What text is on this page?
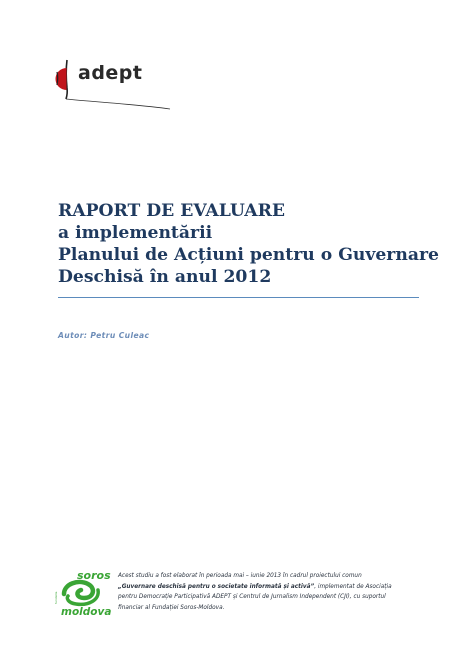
adept
RAPORT DE EVALUARE
a implementării
Planului de Acțiuni pentru o Guvernare
Deschisă în anul 2012
Autor: Petru Culeac
fundatia
soros
moldova

Acest studiu a fost elaborat în perioada mai – iunie 2013 în cadrul proiectului comun
„Guvernare deschisă pentru o societate informată și activă”, implementat de Asociația
pentru Democrație Participativă ADEPT și Centrul de Jurnalism Independent (CJI), cu suportul
financiar al Fundației Soros-Moldova.
